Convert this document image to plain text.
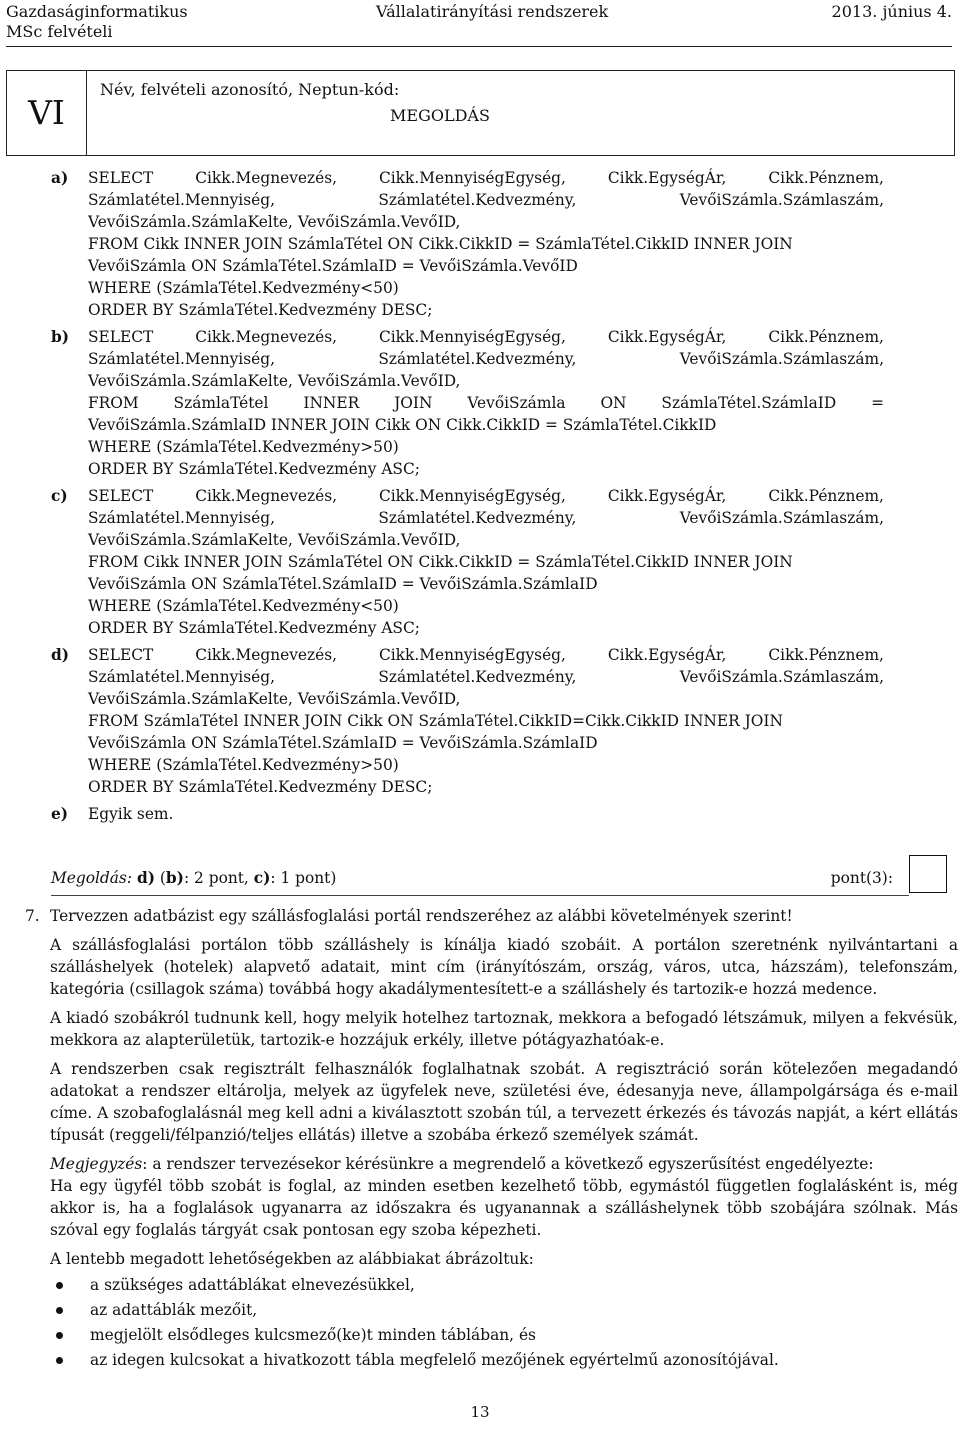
Gazdaságinformatikus	Vállalatirányítási rendszerek	2013. június 4.
MSc felvételi
VI
Név, felvételi azonosító, Neptun-kód:
MEGOLDÁS
a) SELECT	Cikk.Megnevezés,	Cikk.MennyiségEgység,	Cikk.EgységÁr,	Cikk.Pénznem,
Számlatétel.Mennyiség,	Számlatétel.Kedvezmény,	VevőiSzámla.Számlaszám,
VevőiSzámla.SzámlaKelte, VevőiSzámla.VevőID,
FROM Cikk INNER JOIN SzámlaTétel ON Cikk.CikkID = SzámlaTétel.CikkID INNER JOIN
VevőiSzámla ON SzámlaTétel.SzámlaID = VevőiSzámla.VevőID
WHERE (SzámlaTétel.Kedvezmény<50)
ORDER BY SzámlaTétel.Kedvezmény DESC;
b) SELECT	Cikk.Megnevezés,	Cikk.MennyiségEgység,	Cikk.EgységÁr,	Cikk.Pénznem,
Számlatétel.Mennyiség,	Számlatétel.Kedvezmény,	VevőiSzámla.Számlaszám,
VevőiSzámla.SzámlaKelte, VevőiSzámla.VevőID,
FROM SzámlaTétel INNER JOIN VevőiSzámla ON SzámlaTétel.SzámlaID =
VevőiSzámla.SzámlaID INNER JOIN Cikk ON Cikk.CikkID = SzámlaTétel.CikkID
WHERE (SzámlaTétel.Kedvezmény>50)
ORDER BY SzámlaTétel.Kedvezmény ASC;
c) SELECT	Cikk.Megnevezés,	Cikk.MennyiségEgység,	Cikk.EgységÁr,	Cikk.Pénznem,
Számlatétel.Mennyiség,	Számlatétel.Kedvezmény,	VevőiSzámla.Számlaszám,
VevőiSzámla.SzámlaKelte, VevőiSzámla.VevőID,
FROM Cikk INNER JOIN SzámlaTétel ON Cikk.CikkID = SzámlaTétel.CikkID INNER JOIN
VevőiSzámla ON SzámlaTétel.SzámlaID = VevőiSzámla.SzámlaID
WHERE (SzámlaTétel.Kedvezmény<50)
ORDER BY SzámlaTétel.Kedvezmény ASC;
d) SELECT	Cikk.Megnevezés,	Cikk.MennyiségEgység,	Cikk.EgységÁr,	Cikk.Pénznem,
Számlatétel.Mennyiség,	Számlatétel.Kedvezmény,	VevőiSzámla.Számlaszám,
VevőiSzámla.SzámlaKelte, VevőiSzámla.VevőID,
FROM SzámlaTétel INNER JOIN Cikk ON SzámlaTétel.CikkID=Cikk.CikkID INNER JOIN
VevőiSzámla ON SzámlaTétel.SzámlaID = VevőiSzámla.SzámlaID
WHERE (SzámlaTétel.Kedvezmény>50)
ORDER BY SzámlaTétel.Kedvezmény DESC;
e) Egyik sem.
Megoldás: d) (b): 2 pont, c): 1 pont)	pont(3):
7. Tervezzen adatbázist egy szállásfoglalási portál rendszeréhez az alábbi követelmények szerint!

A szállásfoglalási portálon több szálláshely is kínálja kiadó szobáit. A portálon szeretnénk nyilvántartani a szálláshelyek (hotelek) alapvető adatait, mint cím (irányítószám, ország, város, utca, házszám), telefonszám, kategória (csillagok száma) továbbá hogy akadálymentesített-e a szálláshely és tartozik-e hozzá medence.

A kiadó szobákról tudnunk kell, hogy melyik hotelhez tartoznak, mekkora a befogadó létszámuk, milyen a fekvésük, mekkora az alapterületük, tartozik-e hozzájuk erkély, illetve pótágyazhatóak-e.

A rendszerben csak regisztrált felhasználók foglalhatnak szobát. A regisztráció során kötelezően megadandó adatokat a rendszer eltárolja, melyek az ügyfelek neve, születési éve, édesanyja neve, állampolgársága és e-mail címe. A szobafoglalásnál meg kell adni a kiválasztott szobán túl, a tervezett érkezés és távozás napját, a kért ellátás típusát (reggeli/félpanzió/teljes ellátás) illetve a szobába érkező személyek számát.

Megjegyzés: a rendszer tervezésekor kérésünkre a megrendelő a következő egyszerűsítést engedélyezte:

Ha egy ügyfél több szobát is foglal, az minden esetben kezelhető több, egymástól független foglalásként is, még akkor is, ha a foglalások ugyanarra az időszakra és ugyanannak a szálláshelynek több szobájára szólnak. Más szóval egy foglalás tárgyát csak pontosan egy szoba képezheti.

A lentebb megadott lehetőségekben az alábbiakat ábrázoltuk:

a szükséges adattáblákat elnevezésükkel,
az adattáblák mezőit,
megjelölt elsődleges kulcsmező(ke)t minden táblában, és
az idegen kulcsokat a hivatkozott tábla megfelelő mezőjének egyértelmű azonosítójával.
13
